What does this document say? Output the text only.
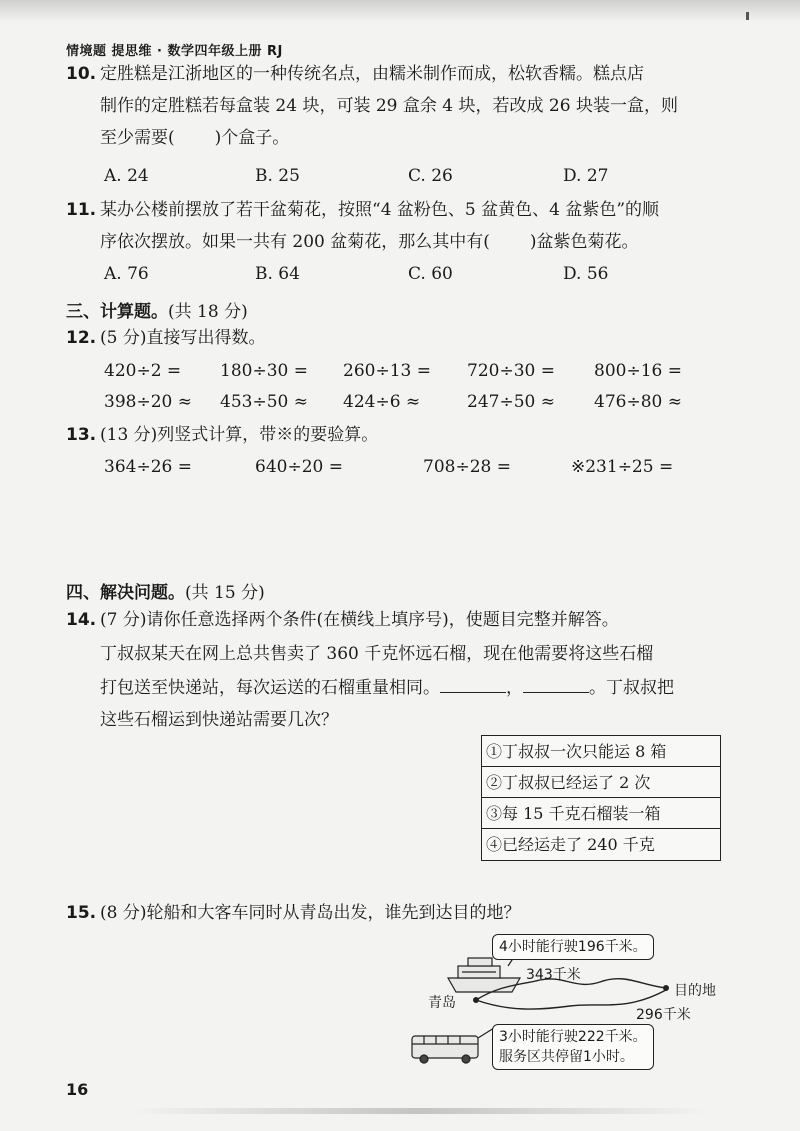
情境题 提思维 · 数学四年级上册 RJ
10. 定胜糕是江浙地区的一种传统名点，由糯米制作而成，松软香糯。糕点店
制作的定胜糕若每盒装 24 块，可装 29 盒余 4 块，若改成 26 块装一盒，则
至少需要( )个盒子。
A. 24	B. 25	C. 26	D. 27
11. 某办公楼前摆放了若干盆菊花，按照“4 盆粉色、5 盆黄色、4 盆紫色”的顺
序依次摆放。如果一共有 200 盆菊花，那么其中有( )盆紫色菊花。
A. 76	B. 64	C. 60	D. 56
三、计算题。(共 18 分)
12. (5 分)直接写出得数。
420÷2 = 180÷30 = 260÷13 = 720÷30 = 800÷16 =
398÷20 ≈ 453÷50 ≈ 424÷6 ≈	247÷50 ≈ 476÷80 ≈
13. (13 分)列竖式计算，带※的要验算。
364÷26 =	640÷20 =	708÷28 =	※231÷25 =
四、解决问题。(共 15 分)
14. (7 分)请你任意选择两个条件(在横线上填序号)，使题目完整并解答。
丁叔叔某天在网上总共售卖了 360 千克怀远石榴，现在他需要将这些石榴
打包送至快递站，每次运送的石榴重量相同。	，	。丁叔叔把
这些石榴运到快递站需要几次？
①丁叔叔一次只能运 8 箱
②丁叔叔已经运了 2 次
③每 15 千克石榴装一箱
④已经运走了 240 千克
15. (8 分)轮船和大客车同时从青岛出发，谁先到达目的地？
4小时能行驶196千米。
343千米
青岛
目的地
296千米
3小时能行驶222千米。
服务区共停留1小时。
16
